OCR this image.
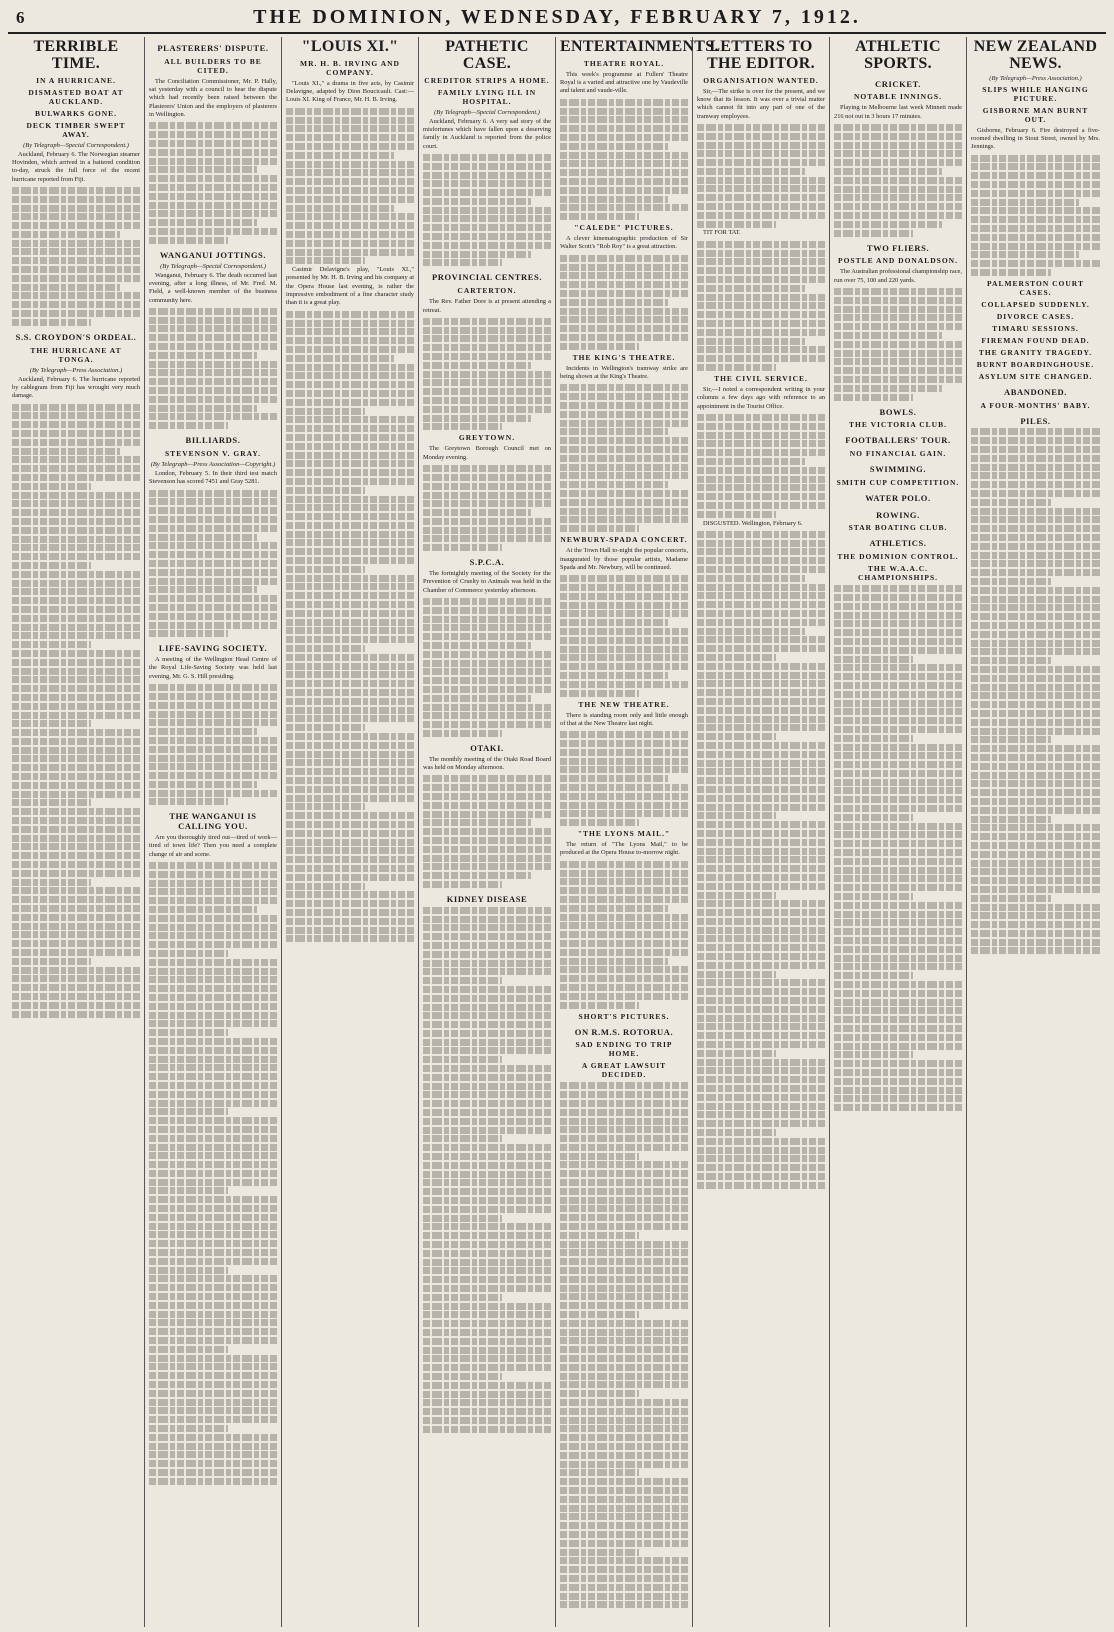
6	THE DOMINION, WEDNESDAY, FEBRUARY 7, 1912.
TERRIBLE TIME.
IN A HURRICANE.
DISMASTED BOAT AT AUCKLAND.
BULWARKS GONE.
DECK TIMBER SWEPT AWAY.
(By Telegraph—Special Correspondent.)
Auckland, February 6. The Norwegian steamer Hovinden, which arrived in a battered condition to-day, struck the full force of the recent hurricane reported from Fiji.
S.S. CROYDON'S ORDEAL.
THE HURRICANE AT TONGA.
(By Telegraph—Press Association.)
Auckland, February 6. The hurricane reported by cablegram from Fiji has wrought very much damage.
PLASTERERS' DISPUTE.
ALL BUILDERS TO BE CITED.
The Conciliation Commissioner, Mr. P. Hally, sat yesterday with a council to hear the dispute which had recently been raised between the Plasterers' Union and the employers of plasterers in Wellington.
WANGANUI JOTTINGS.
(By Telegraph—Special Correspondent.)
Wanganui, February 6. The death occurred last evening, after a long illness, of Mr. Fred. M. Field, a well-known member of the business community here.
BILLIARDS.
STEVENSON V. GRAY.
(By Telegraph—Press Association—Copyright.)
London, February 5. In their third test match Stevenson has scored 7451 and Gray 5281.
LIFE-SAVING SOCIETY.
A meeting of the Wellington Head Centre of the Royal Life-Saving Society was held last evening, Mr. G. S. Hill presiding.
THE WANGANUI IS CALLING YOU.
Are you thoroughly tired out—tired of work—tired of town life? Then you need a complete change of air and scene.
"LOUIS XI."
MR. H. B. IRVING AND COMPANY.
"Louis XI.," a drama in five acts, by Casimir Delavigne, adapted by Dion Boucicault. Cast:—Louis XI. King of France, Mr. H. B. Irving.
Casimir Delavigne's play, "Louis XI.," presented by Mr. H. B. Irving and his company at the Opera House last evening, is rather the impressive embodiment of a fine character study than it is a great play.
PATHETIC CASE.
CREDITOR STRIPS A HOME.
FAMILY LYING ILL IN HOSPITAL.
(By Telegraph—Special Correspondent.)
Auckland, February 6. A very sad story of the misfortunes which have fallen upon a deserving family in Auckland is reported from the police court.
PROVINCIAL CENTRES.
CARTERTON.
The Rev. Father Dore is at present attending a retreat.
GREYTOWN.
The Greytown Borough Council met on Monday evening.
S.P.C.A.
The fortnightly meeting of the Society for the Prevention of Cruelty to Animals was held in the Chamber of Commerce yesterday afternoon.
OTAKI.
The monthly meeting of the Otaki Road Board was held on Monday afternoon.
KIDNEY DISEASE
ENTERTAINMENTS.
THEATRE ROYAL.
This week's programme at Fullers' Theatre Royal is a varied and attractive one by Vaudeville and talent and vaude-ville.
"CALEDE" PICTURES.
A clever kinematographic production of Sir Walter Scott's "Rob Roy" is a great attraction.
THE KING'S THEATRE.
Incidents in Wellington's tramway strike are being shown at the King's Theatre.
NEWBURY-SPADA CONCERT.
At the Town Hall to-night the popular concerts, inaugurated by those popular artists, Madame Spada and Mr. Newbury, will be continued.
THE NEW THEATRE.
There is standing room only and little enough of that at the New Theatre last night.
"THE LYONS MAIL."
The return of "The Lyons Mail," to be produced at the Opera House to-morrow night.
SHORT'S PICTURES.
ON R.M.S. ROTORUA.
SAD ENDING TO TRIP HOME.
A GREAT LAWSUIT DECIDED.
LETTERS TO THE EDITOR.
ORGANISATION WANTED.
Sir,—The strike is over for the present, and we know that its lesson. It was over a trivial matter which cannot fit into any part of one of the tramway employees.
TIT FOR TAT.
THE CIVIL SERVICE.
Sir,—I noted a correspondent writing in your columns a few days ago with reference to an appointment in the Tourist Office.
DISGUSTED. Wellington, February 6.
ATHLETIC SPORTS.
CRICKET.
NOTABLE INNINGS.
Playing in Melbourne last week Minnett made 216 not out in 3 hours 17 minutes.
TWO FLIERS.
POSTLE AND DONALDSON.
The Australian professional championship race, run over 75, 100 and 220 yards.
BOWLS.
THE VICTORIA CLUB.
FOOTBALLERS' TOUR.
NO FINANCIAL GAIN.
SWIMMING.
SMITH CUP COMPETITION.
WATER POLO.
ROWING.
STAR BOATING CLUB.
ATHLETICS.
THE DOMINION CONTROL.
THE W.A.A.C. CHAMPIONSHIPS.
NEW ZEALAND NEWS.
(By Telegraph—Press Association.)
SLIPS WHILE HANGING PICTURE.
GISBORNE MAN BURNT OUT.
Gisborne, February 6. Fire destroyed a five-roomed dwelling in Stout Street, owned by Mrs. Jennings.
PALMERSTON COURT CASES.
COLLAPSED SUDDENLY.
DIVORCE CASES.
TIMARU SESSIONS.
FIREMAN FOUND DEAD.
THE GRANITY TRAGEDY.
BURNT BOARDINGHOUSE.
ASYLUM SITE CHANGED.
ABANDONED.
A FOUR-MONTHS' BABY.
PILES.
